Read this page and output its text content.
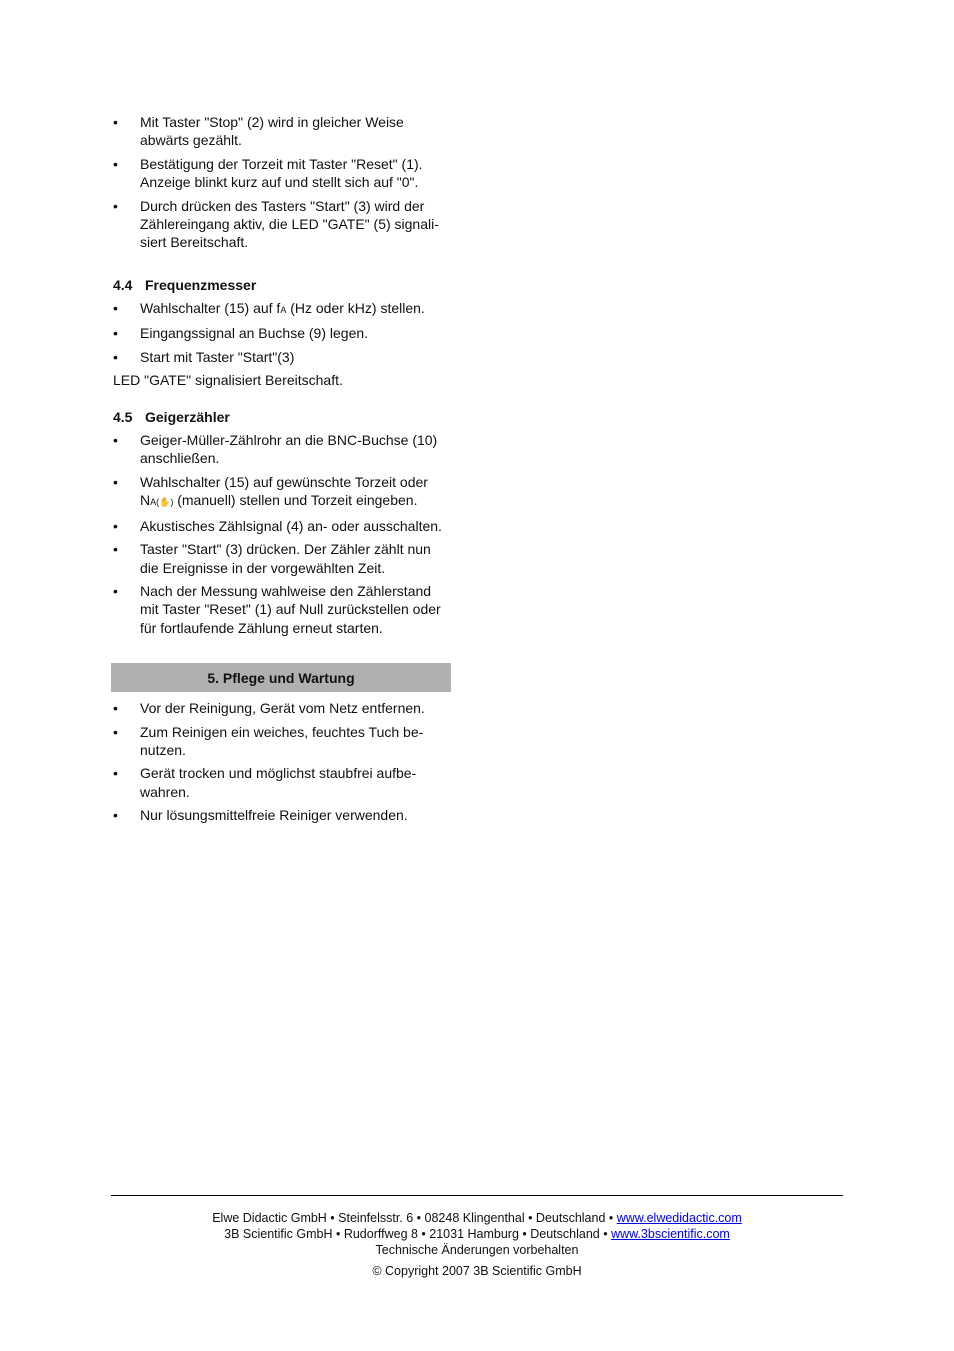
• Mit Taster "Stop" (2) wird in gleicher Weise abwärts gezählt.
• Bestätigung der Torzeit mit Taster "Reset" (1). Anzeige blinkt kurz auf und stellt sich auf "0".
• Durch drücken des Tasters "Start" (3) wird der Zählereingang aktiv, die LED "GATE" (5) signali-siert Bereitschaft.
4.4 Frequenzmesser
• Wahlschalter (15) auf fA (Hz oder kHz) stellen.
• Eingangssignal an Buchse (9) legen.
• Start mit Taster "Start"(3)

LED "GATE" signalisiert Bereitschaft.

4.5 Geigerzähler
• Geiger-Müller-Zählrohr an die BNC-Buchse (10) anschließen.
• Wahlschalter (15) auf gewünschte Torzeit oder NA(✋) (manuell) stellen und Torzeit eingeben.
• Akustisches Zählsignal (4) an- oder ausschalten.
• Taster "Start" (3) drücken. Der Zähler zählt nun die Ereignisse in der vorgewählten Zeit.
• Nach der Messung wahlweise den Zählerstand mit Taster "Reset" (1) auf Null zurückstellen oder für fortlaufende Zählung erneut starten.
5. Pflege und Wartung
• Vor der Reinigung, Gerät vom Netz entfernen.
• Zum Reinigen ein weiches, feuchtes Tuch be-nutzen.
• Gerät trocken und möglichst staubfrei aufbe-wahren.
• Nur lösungsmittelfreie Reiniger verwenden.
Elwe Didactic GmbH • Steinfelsstr. 6 • 08248 Klingenthal • Deutschland • www.elwedidactic.com
3B Scientific GmbH • Rudorffweg 8 • 21031 Hamburg • Deutschland • www.3bscientific.com
Technische Änderungen vorbehalten
© Copyright 2007 3B Scientific GmbH
